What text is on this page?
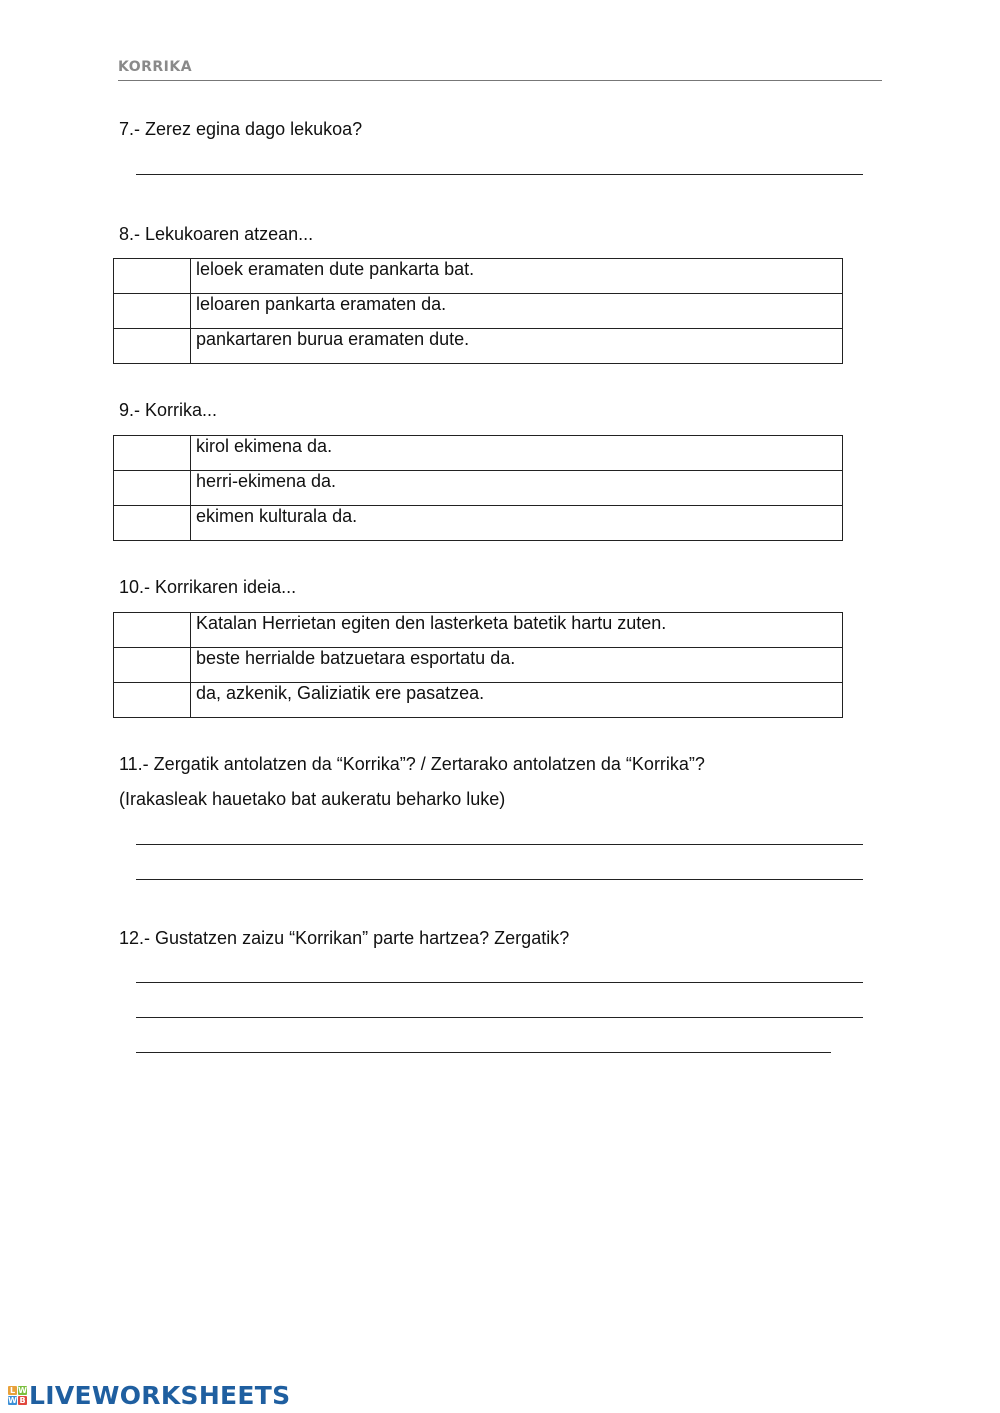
KORRIKA
7.- Zerez egina dago lekukoa?
8.- Lekukoaren atzean...
	leloek eramaten dute pankarta bat.
	leloaren pankarta eramaten da.
	pankartaren burua eramaten dute.
9.- Korrika...
	kirol ekimena da.
	herri-ekimena da.
	ekimen kulturala da.
10.- Korrikaren ideia...
	Katalan Herrietan egiten den lasterketa batetik hartu zuten.
	beste herrialde batzuetara esportatu da.
	da, azkenik, Galiziatik ere pasatzea.
11.- Zergatik antolatzen da “Korrika”? / Zertarako antolatzen da “Korrika”?
(Irakasleak hauetako bat aukeratu beharko luke)
12.- Gustatzen zaizu “Korrikan” parte hartzea? Zergatik?
L W
W B LIVEWORKSHEETS
